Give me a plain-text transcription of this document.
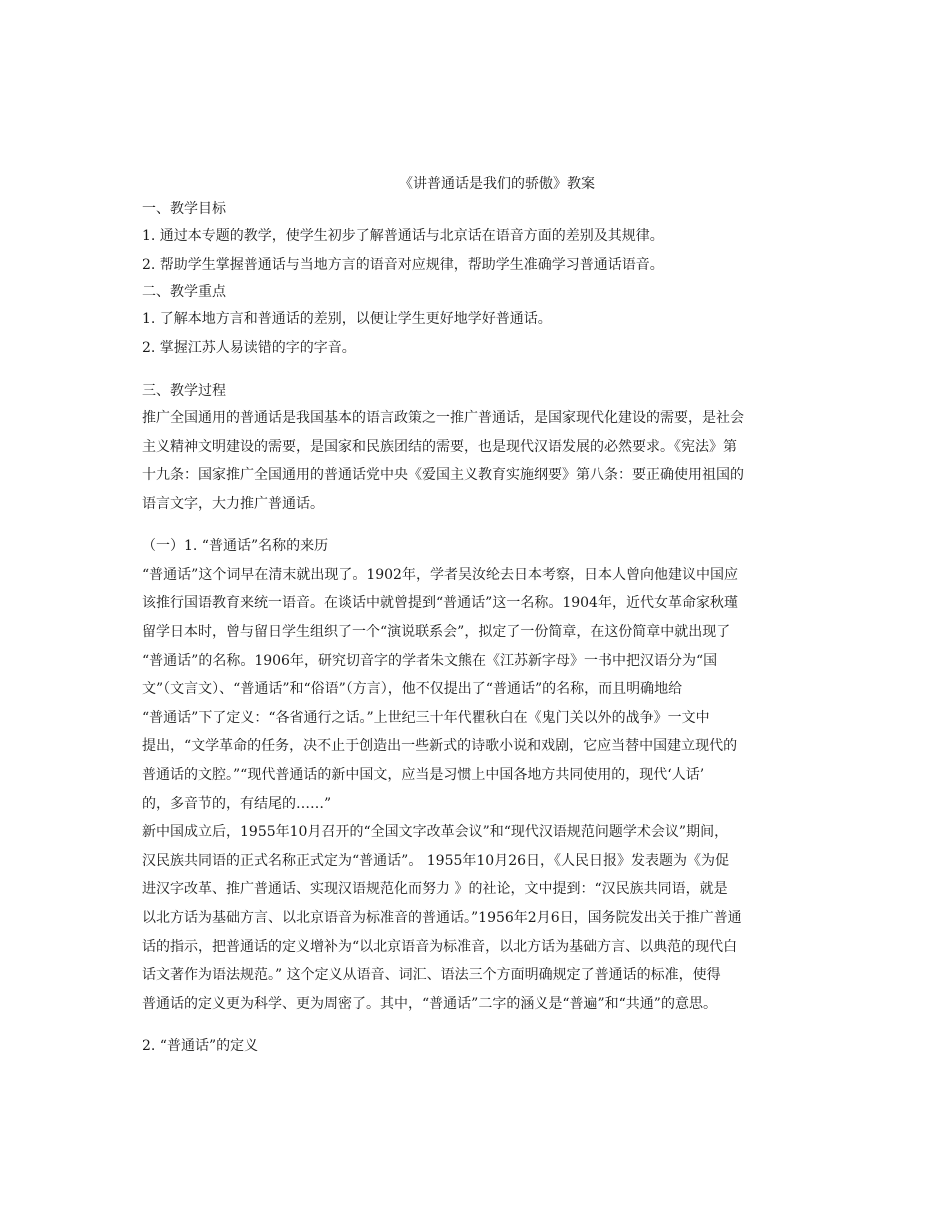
《讲普通话是我们的骄傲》教案
一、教学目标
1. 通过本专题的教学，使学生初步了解普通话与北京话在语音方面的差别及其规律。
2. 帮助学生掌握普通话与当地方言的语音对应规律，帮助学生准确学习普通话语音。
二、教学重点
1. 了解本地方言和普通话的差别，以便让学生更好地学好普通话。
2. 掌握江苏人易读错的字的字音。
三、教学过程
推广全国通用的普通话是我国基本的语言政策之一推广普通话，是国家现代化建设的需要，是社会
主义精神文明建设的需要，是国家和民族团结的需要，也是现代汉语发展的必然要求。《宪法》第
十九条：国家推广全国通用的普通话党中央《爱国主义教育实施纲要》第八条：要正确使用祖国的
语言文字，大力推广普通话。
（一）1. “普通话”名称的来历
“普通话”这个词早在清末就出现了。1902年，学者吴汝纶去日本考察，日本人曾向他建议中国应
该推行国语教育来统一语音。在谈话中就曾提到“普通话”这一名称。1904年，近代女革命家秋瑾
留学日本时，曾与留日学生组织了一个“演说联系会”，拟定了一份简章，在这份简章中就出现了
“普通话”的名称。1906年，研究切音字的学者朱文熊在《江苏新字母》一书中把汉语分为“国
文”（文言文）、“普通话”和“俗语”（方言），他不仅提出了“普通话”的名称，而且明确地给
“普通话”下了定义：“各省通行之话。”上世纪三十年代瞿秋白在《鬼门关以外的战争》一文中
提出，“文学革命的任务，决不止于创造出一些新式的诗歌小说和戏剧，它应当替中国建立现代的
普通话的文腔。”“现代普通话的新中国文，应当是习惯上中国各地方共同使用的，现代‘人话’
的，多音节的，有结尾的……”
新中国成立后，1955年10月召开的“全国文字改革会议”和“现代汉语规范问题学术会议”期间，
汉民族共同语的正式名称正式定为“普通话”。 1955年10月26日，《人民日报》发表题为《为促
进汉字改革、推广普通话、实现汉语规范化而努力 》的社论，文中提到：“汉民族共同语，就是
以北方话为基础方言、以北京语音为标准音的普通话。”1956年2月6日，国务院发出关于推广普通
话的指示，把普通话的定义增补为“以北京语音为标准音，以北方话为基础方言、以典范的现代白
话文著作为语法规范。” 这个定义从语音、词汇、语法三个方面明确规定了普通话的标准，使得
普通话的定义更为科学、更为周密了。其中，“普通话”二字的涵义是“普遍”和“共通”的意思。
2. “普通话”的定义
